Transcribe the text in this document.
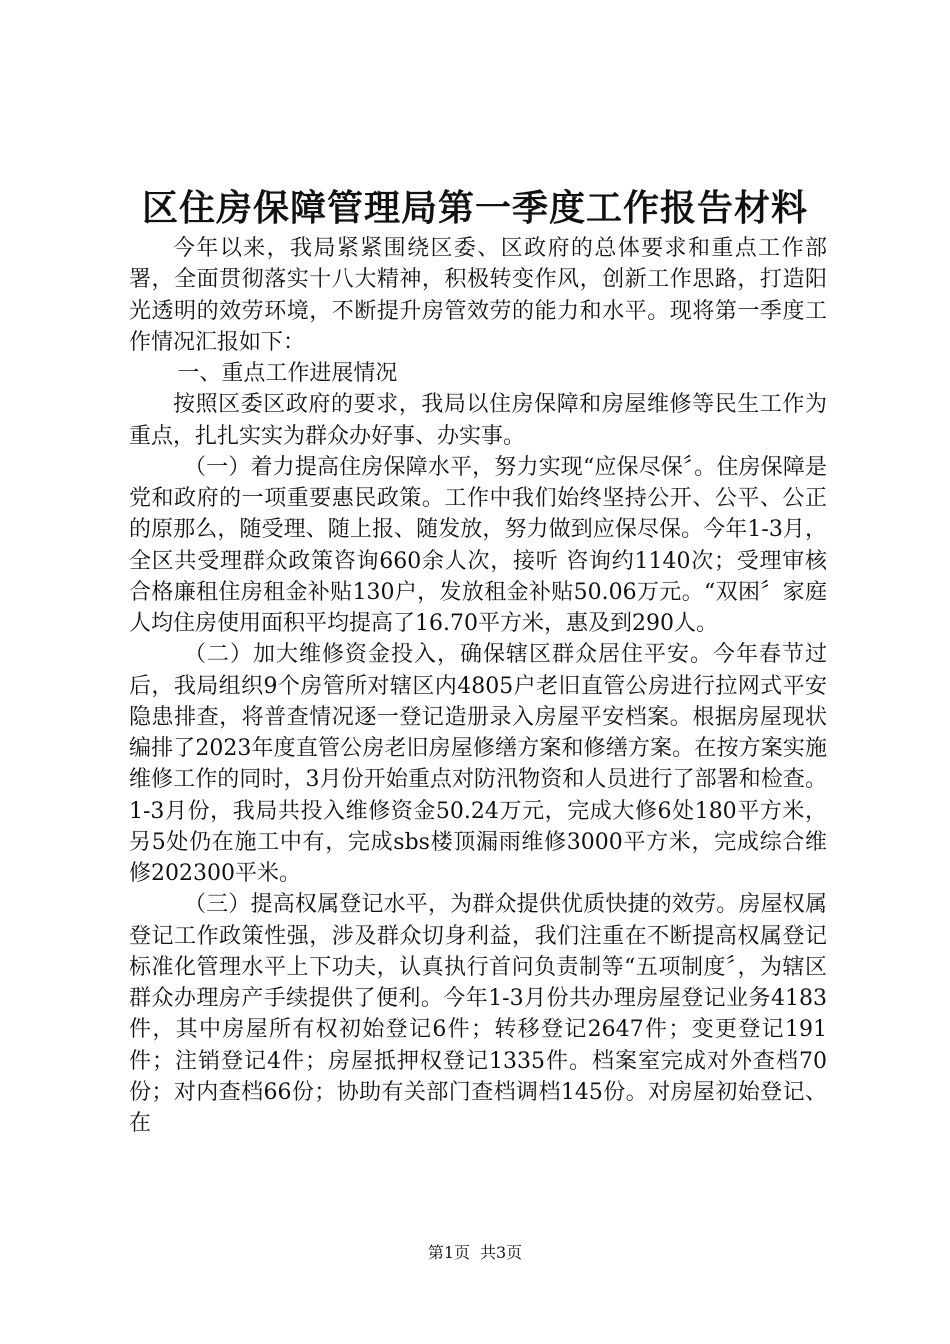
区住房保障管理局第一季度工作报告材料

今年以来，我局紧紧围绕区委、区政府的总体要求和重点工作部署，全面贯彻落实十八大精神，积极转变作风，创新工作思路，打造阳光透明的效劳环境，不断提升房管效劳的能力和水平。现将第一季度工作情况汇报如下：

一、重点工作进展情况

按照区委区政府的要求，我局以住房保障和房屋维修等民生工作为重点，扎扎实实为群众办好事、办实事。

（一）着力提高住房保障水平，努力实现“应保尽保〞。住房保障是党和政府的一项重要惠民政策。工作中我们始终坚持公开、公平、公正的原那么，随受理、随上报、随发放，努力做到应保尽保。今年1-3月，全区共受理群众政策咨询660余人次，接听 咨询约1140次；受理审核合格廉租住房租金补贴130户，发放租金补贴50.06万元。“双困〞家庭人均住房使用面积平均提高了16.70平方米，惠及到290人。

（二）加大维修资金投入，确保辖区群众居住平安。今年春节过后，我局组织9个房管所对辖区内4805户老旧直管公房进行拉网式平安隐患排查，将普查情况逐一登记造册录入房屋平安档案。根据房屋现状编排了2023年度直管公房老旧房屋修缮方案和修缮方案。在按方案实施维修工作的同时，3月份开始重点对防汛物资和人员进行了部署和检查。1-3月份，我局共投入维修资金50.24万元，完成大修6处180平方米，另5处仍在施工中有，完成sbs楼顶漏雨维修3000平方米，完成综合维修202300平米。

（三）提高权属登记水平，为群众提供优质快捷的效劳。房屋权属登记工作政策性强，涉及群众切身利益，我们注重在不断提高权属登记标准化管理水平上下功夫，认真执行首问负责制等“五项制度〞，为辖区群众办理房产手续提供了便利。今年1-3月份共办理房屋登记业务4183件，其中房屋所有权初始登记6件；转移登记2647件；变更登记191件；注销登记4件；房屋抵押权登记1335件。档案室完成对外查档70份；对内查档66份；协助有关部门查档调档145份。对房屋初始登记、在

第1页 共3页
